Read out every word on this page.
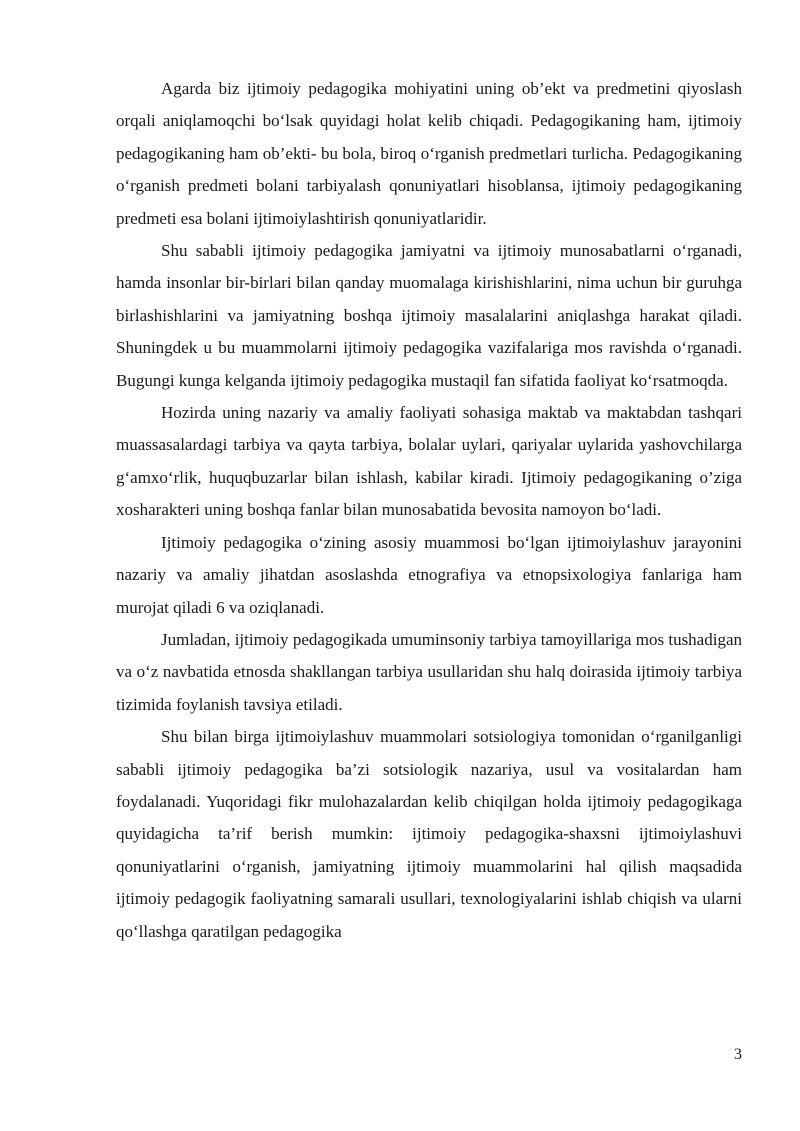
Agarda biz ijtimoiy pedagogika mohiyatini uning ob’ekt va predmetini qiyoslash orqali aniqlamoqchi bo‘lsak quyidagi holat kelib chiqadi. Pedagogikaning ham, ijtimoiy pedagogikaning ham ob’ekti- bu bola, biroq o‘rganish predmetlari turlicha. Pedagogikaning o‘rganish predmeti bolani tarbiyalash qonuniyatlari hisoblansa, ijtimoiy pedagogikaning predmeti esa bolani ijtimoiylashtirish qonuniyatlaridir.

Shu sababli ijtimoiy pedagogika jamiyatni va ijtimoiy munosabatlarni o‘rganadi, hamda insonlar bir-birlari bilan qanday muomalaga kirishishlarini, nima uchun bir guruhga birlashishlarini va jamiyatning boshqa ijtimoiy masalalarini aniqlashga harakat qiladi. Shuningdek u bu muammolarni ijtimoiy pedagogika vazifalariga mos ravishda o‘rganadi. Bugungi kunga kelganda ijtimoiy pedagogika mustaqil fan sifatida faoliyat ko‘rsatmoqda.

Hozirda uning nazariy va amaliy faoliyati sohasiga maktab va maktabdan tashqari muassasalardagi tarbiya va qayta tarbiya, bolalar uylari, qariyalar uylarida yashovchilarga g‘amxo‘rlik, huquqbuzarlar bilan ishlash, kabilar kiradi. Ijtimoiy pedagogikaning o’ziga xosharakteri uning boshqa fanlar bilan munosabatida bevosita namoyon bo‘ladi.

Ijtimoiy pedagogika o‘zining asosiy muammosi bo‘lgan ijtimoiylashuv jarayonini nazariy va amaliy jihatdan asoslashda etnografiya va etnopsixologiya fanlariga ham murojat qiladi 6 va oziqlanadi.

Jumladan, ijtimoiy pedagogikada umuminsoniy tarbiya tamoyillariga mos tushadigan va o‘z navbatida etnosda shakllangan tarbiya usullaridan shu halq doirasida ijtimoiy tarbiya tizimida foylanish tavsiya etiladi.

Shu bilan birga ijtimoiylashuv muammolari sotsiologiya tomonidan o‘rganilganligi sababli ijtimoiy pedagogika ba’zi sotsiologik nazariya, usul va vositalardan ham foydalanadi. Yuqoridagi fikr mulohazalardan kelib chiqilgan holda ijtimoiy pedagogikaga quyidagicha ta’rif berish mumkin: ijtimoiy pedagogika-shaxsni ijtimoiylashuvi qonuniyatlarini o‘rganish, jamiyatning ijtimoiy muammolarini hal qilish maqsadida ijtimoiy pedagogik faoliyatning samarali usullari, texnologiyalarini ishlab chiqish va ularni qo‘llashga qaratilgan pedagogika

3
